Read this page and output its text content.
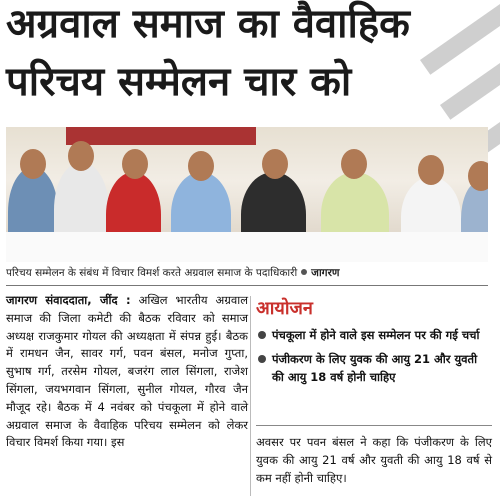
अग्रवाल समाज का वैवाहिक
परिचय सम्मेलन चार को
परिचय सम्मेलन के संबंध में विचार विमर्श करते अग्रवाल समाज के पदाधिकारी जागरण
जागरण संवाददाता, जींद : अखिल भारतीय अग्रवाल समाज की जिला कमेटी की बैठक रविवार को समाज अध्यक्ष राजकुमार गोयल की अध्यक्षता में संपन्न हुई। बैठक में रामधन जैन, सावर गर्ग, पवन बंसल, मनोज गुप्ता, सुभाष गर्ग, तरसेम गोयल, बजरंग लाल सिंगला, राजेश सिंगला, जयभगवान सिंगला, सुनील गोयल, गौरव जैन मौजूद रहे। बैठक में 4 नवंबर को पंचकूला में होने वाले अग्रवाल समाज के वैवाहिक परिचय सम्मेलन को लेकर विचार विमर्श किया गया। इस
आयोजन
पंचकूला में होने वाले इस सम्मेलन पर की गई चर्चा
पंजीकरण के लिए युवक की आयु 21 और युवती की आयु 18 वर्ष होनी चाहिए
अवसर पर पवन बंसल ने कहा कि पंजीकरण के लिए युवक की आयु 21 वर्ष और युवती की आयु 18 वर्ष से कम नहीं होनी चाहिए।
